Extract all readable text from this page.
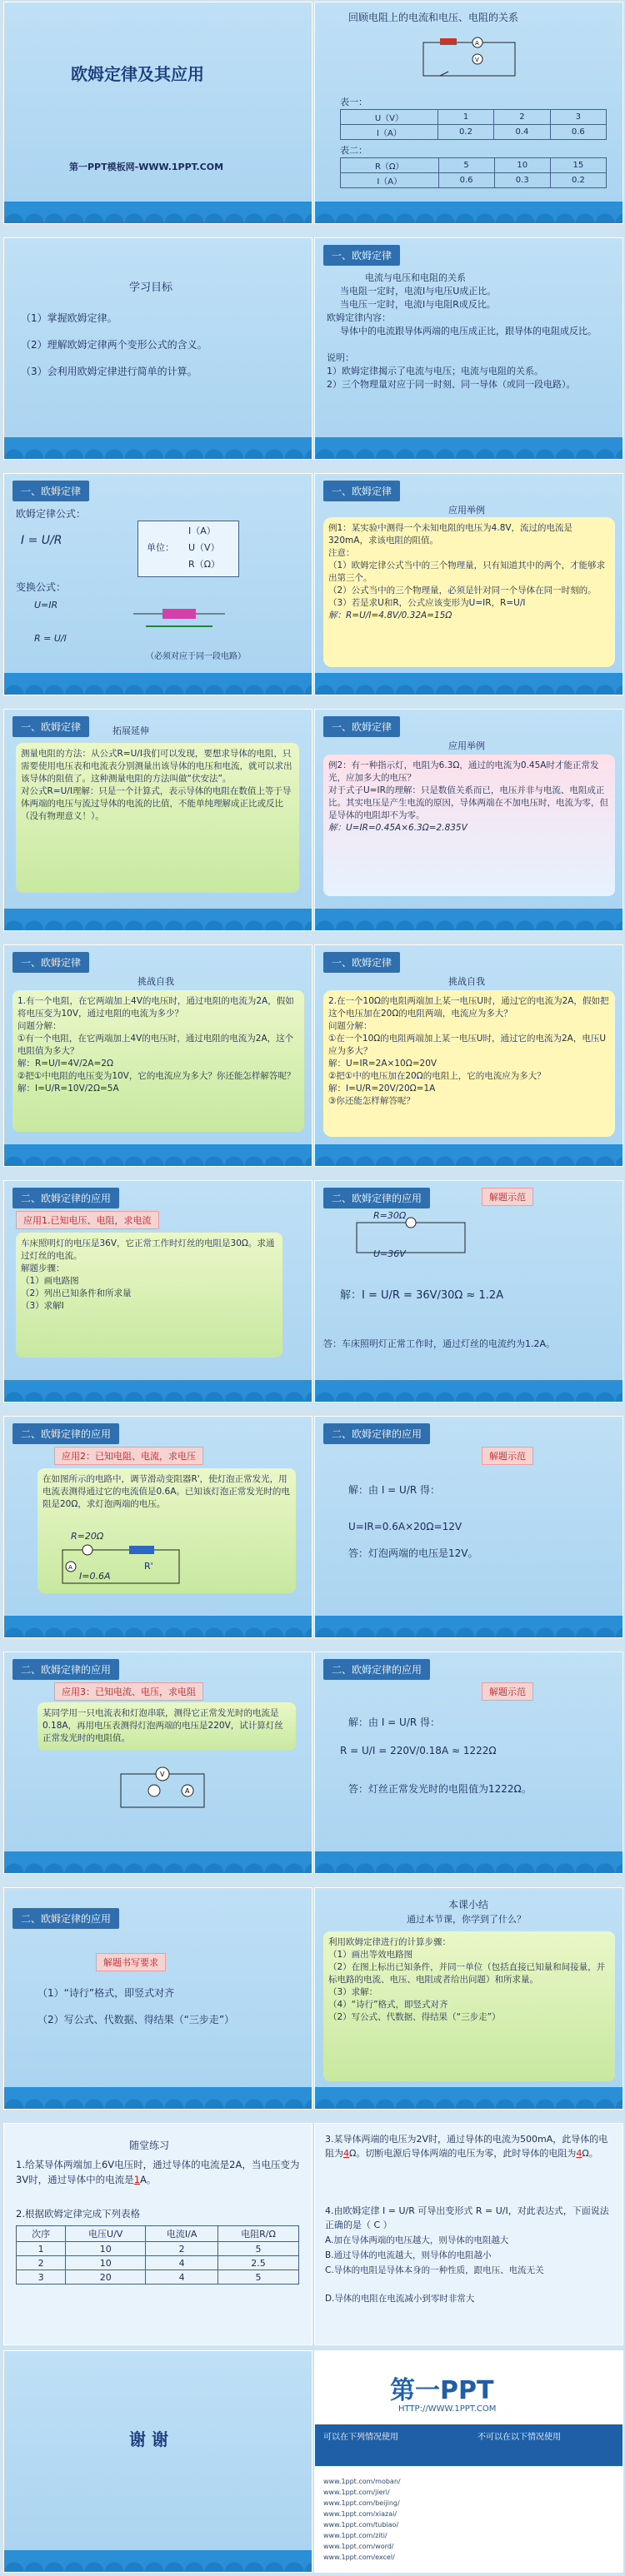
欧姆定律及其应用
第一PPT模板网-WWW.1PPT.COM
回顾电阻上的电流和电压、电阻的关系
A
V
表一：
U（V）	1	2	3
I（A）	0.2	0.4	0.6
表二：
R（Ω）	5	10	15
I（A）	0.6	0.3	0.2
学习目标
（1）掌握欧姆定律。
（2）理解欧姆定律两个变形公式的含义。
（3）会利用欧姆定律进行简单的计算。
一、欧姆定律
电流与电压和电阻的关系
当电阻一定时，电流I与电压U成正比。
当电压一定时，电流I与电阻R成反比。
欧姆定律内容：
导体中的电流跟导体两端的电压成正比，跟导体的电阻成反比。
说明：
1）欧姆定律揭示了电流与电压；电流与电阻的关系。
2）三个物理量对应于同一时刻、同一导体（或同一段电路）。
一、欧姆定律
欧姆定律公式：
I = U/R
I（A）
单位： U（V）
R（Ω）
变换公式：
U=IR
R = U/I
（必须对应于同一段电路）
一、欧姆定律
应用举例
例1：某实验中测得一个未知电阻的电压为4.8V，流过的电流是320mA，求该电阻的阻值。
注意：
（1）欧姆定律公式当中的三个物理量，只有知道其中的两个，才能够求出第三个。
（2）公式当中的三个物理量，必须是针对同一个导体在同一时刻的。
（3）若是求U和R，公式应该变形为U=IR，R=U/I
解：R=U/I=4.8V/0.32A=15Ω
一、欧姆定律	拓展延伸
测量电阻的方法：从公式R=U/I我们可以发现，要想求导体的电阻，只需要使用电压表和电流表分别测量出该导体的电压和电流，就可以求出该导体的阻值了。这种测量电阻的方法叫做“伏安法”。
对公式R=U/I理解：只是一个计算式，表示导体的电阻在数值上等于导体两端的电压与流过导体的电流的比值，不能单纯理解成正比或反比（没有物理意义！）。
一、欧姆定律
应用举例
例2：有一种指示灯，电阻为6.3Ω，通过的电流为0.45A时才能正常发光，应加多大的电压？
对于式子U=IR的理解：只是数值关系而已，电压并非与电流、电阻成正比。其实电压是产生电流的原因，导体两端在不加电压时，电流为零，但是导体的电阻却不为零。
解：U=IR=0.45A×6.3Ω=2.835V
一、欧姆定律
挑战自我
1.有一个电阻，在它两端加上4V的电压时，通过电阻的电流为2A，假如将电压变为10V，通过电阻的电流为多少？
问题分解：
①有一个电阻，在它两端加上4V的电压时，通过电阻的电流为2A，这个电阻值为多大？
解：R=U/I=4V/2A=2Ω
②把①中电阻的电压变为10V，它的电流应为多大？你还能怎样解答呢？
解：I=U/R=10V/2Ω=5A
一、欧姆定律
挑战自我
2.在一个10Ω的电阻两端加上某一电压U时，通过它的电流为2A，假如把这个电压加在20Ω的电阻两端，电流应为多大？
问题分解：
①在一个10Ω的电阻两端加上某一电压U时，通过它的电流为2A，电压U应为多大？
解：U=IR=2A×10Ω=20V
②把①中的电压加在20Ω的电阻上，它的电流应为多大？
解：I=U/R=20V/20Ω=1A
③你还能怎样解答呢？
二、欧姆定律的应用
应用1.已知电压、电阻，求电流
车床照明灯的电压是36V，它正常工作时灯丝的电阻是30Ω。求通过灯丝的电流。
解题步骤：
（1）画电路图
（2）列出已知条件和所求量
（3）求解I
二、欧姆定律的应用	解题示范
R=30Ω
U=36V
解：I = U/R = 36V/30Ω ≈ 1.2A
答：车床照明灯正常工作时，通过灯丝的电流约为1.2A。
二、欧姆定律的应用
应用2：已知电阻、电流，求电压
在如图所示的电路中，调节滑动变阻器R'，使灯泡正常发光，用电流表测得通过它的电流值是0.6A。已知该灯泡正常发光时的电阻是20Ω，求灯泡两端的电压。
A
R=20Ω
I=0.6A
R'
二、欧姆定律的应用
解题示范
解：由 I = U/R 得：
U=IR=0.6A×20Ω=12V
答：灯泡两端的电压是12V。
二、欧姆定律的应用
应用3：已知电流、电压，求电阻
某同学用一只电流表和灯泡串联，测得它正常发光时的电流是0.18A，再用电压表测得灯泡两端的电压是220V，试计算灯丝正常发光时的电阻值。
V
A
二、欧姆定律的应用
解题示范
解：由 I = U/R 得：
R = U/I = 220V/0.18A ≈ 1222Ω
答：灯丝正常发光时的电阻值为1222Ω。
二、欧姆定律的应用
解题书写要求
（1）“诗行”格式，即竖式对齐
（2）写公式、代数据、得结果（“三步走”）
本课小结
通过本节课，你学到了什么？
利用欧姆定律进行的计算步骤：
（1）画出等效电路图
（2）在图上标出已知条件，并同一单位（包括直接已知量和间接量，并标电路的电流、电压、电阻或者给出问题）和所求量。
（3）求解：
（4）“诗行”格式，即竖式对齐
（2）写公式、代数据、得结果（“三步走”）
随堂练习
1.给某导体两端加上6V电压时，通过导体的电流是2A，当电压变为3V时，通过导体中的电流是1A。
2.根据欧姆定律完成下列表格
次序	电压U/V	电流I/A	电阻R/Ω
1	10	2	5
2	10	4	2.5
3	20	4	5
3.某导体两端的电压为2V时，通过导体的电流为500mA，此导体的电阻为4Ω。切断电源后导体两端的电压为零，此时导体的电阻为4Ω。
4.由欧姆定律 I = U/R 可导出变形式 R = U/I，对此表达式，下面说法正确的是（ C ）
A.加在导体两端的电压越大，则导体的电阻越大
B.通过导体的电流越大，则导体的电阻越小
C.导体的电阻是导体本身的一种性质，跟电压、电流无关
D.导体的电阻在电流减小到零时非常大
谢 谢
第一PPT
HTTP://WWW.1PPT.COM
可以在下列情况使用	不可以在以下情况使用
www.1ppt.com/moban/
www.1ppt.com/jieri/
www.1ppt.com/beijing/
www.1ppt.com/xiazai/
www.1ppt.com/tubiao/
www.1ppt.com/ziti/
www.1ppt.com/word/
www.1ppt.com/excel/
